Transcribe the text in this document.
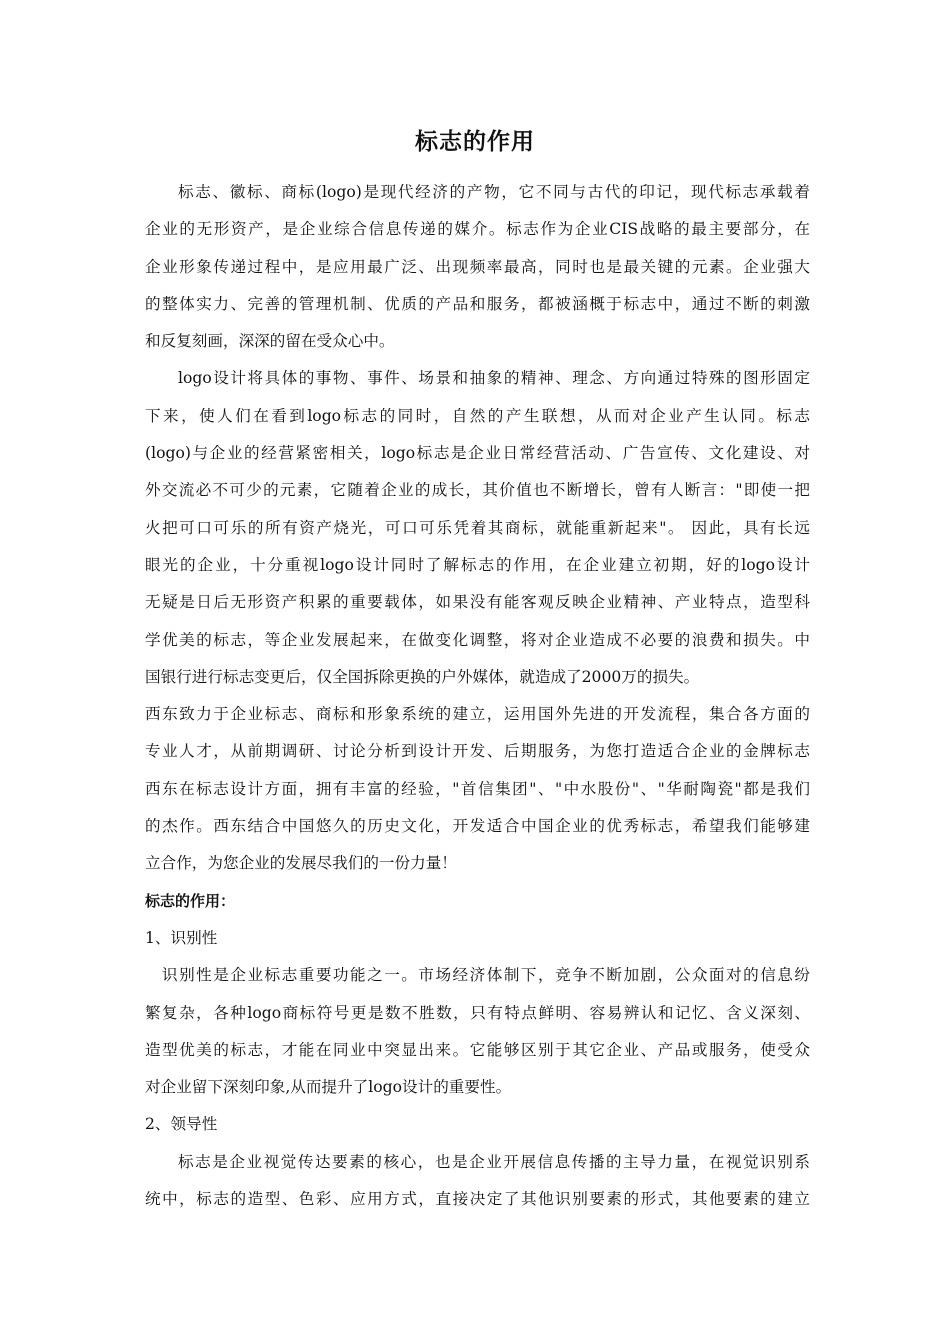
标志的作用
标志、徽标、商标(logo)是现代经济的产物，它不同与古代的印记，现代标志承载着
企业的无形资产，是企业综合信息传递的媒介。标志作为企业CIS战略的最主要部分，在
企业形象传递过程中，是应用最广泛、出现频率最高，同时也是最关键的元素。企业强大
的整体实力、完善的管理机制、优质的产品和服务，都被涵概于标志中，通过不断的刺激
和反复刻画，深深的留在受众心中。
logo设计将具体的事物、事件、场景和抽象的精神、理念、方向通过特殊的图形固定
下来，使人们在看到logo标志的同时，自然的产生联想，从而对企业产生认同。标志
(logo)与企业的经营紧密相关，logo标志是企业日常经营活动、广告宣传、文化建设、对
外交流必不可少的元素，它随着企业的成长，其价值也不断增长，曾有人断言："即使一把
火把可口可乐的所有资产烧光，可口可乐凭着其商标，就能重新起来"。 因此，具有长远
眼光的企业，十分重视logo设计同时了解标志的作用，在企业建立初期，好的logo设计
无疑是日后无形资产积累的重要载体，如果没有能客观反映企业精神、产业特点，造型科
学优美的标志，等企业发展起来，在做变化调整，将对企业造成不必要的浪费和损失。中
国银行进行标志变更后，仅全国拆除更换的户外媒体，就造成了2000万的损失。
西东致力于企业标志、商标和形象系统的建立，运用国外先进的开发流程，集合各方面的
专业人才，从前期调研、讨论分析到设计开发、后期服务，为您打造适合企业的金牌标志
西东在标志设计方面，拥有丰富的经验，"首信集团"、"中水股份"、"华耐陶瓷"都是我们
的杰作。西东结合中国悠久的历史文化，开发适合中国企业的优秀标志，希望我们能够建
立合作，为您企业的发展尽我们的一份力量！
标志的作用：
1、识别性
识别性是企业标志重要功能之一。市场经济体制下，竞争不断加剧，公众面对的信息纷
繁复杂，各种logo商标符号更是数不胜数，只有特点鲜明、容易辨认和记忆、含义深刻、
造型优美的标志，才能在同业中突显出来。它能够区别于其它企业、产品或服务，使受众
对企业留下深刻印象,从而提升了logo设计的重要性。
2、领导性
标志是企业视觉传达要素的核心，也是企业开展信息传播的主导力量，在视觉识别系
统中，标志的造型、色彩、应用方式，直接决定了其他识别要素的形式，其他要素的建立
